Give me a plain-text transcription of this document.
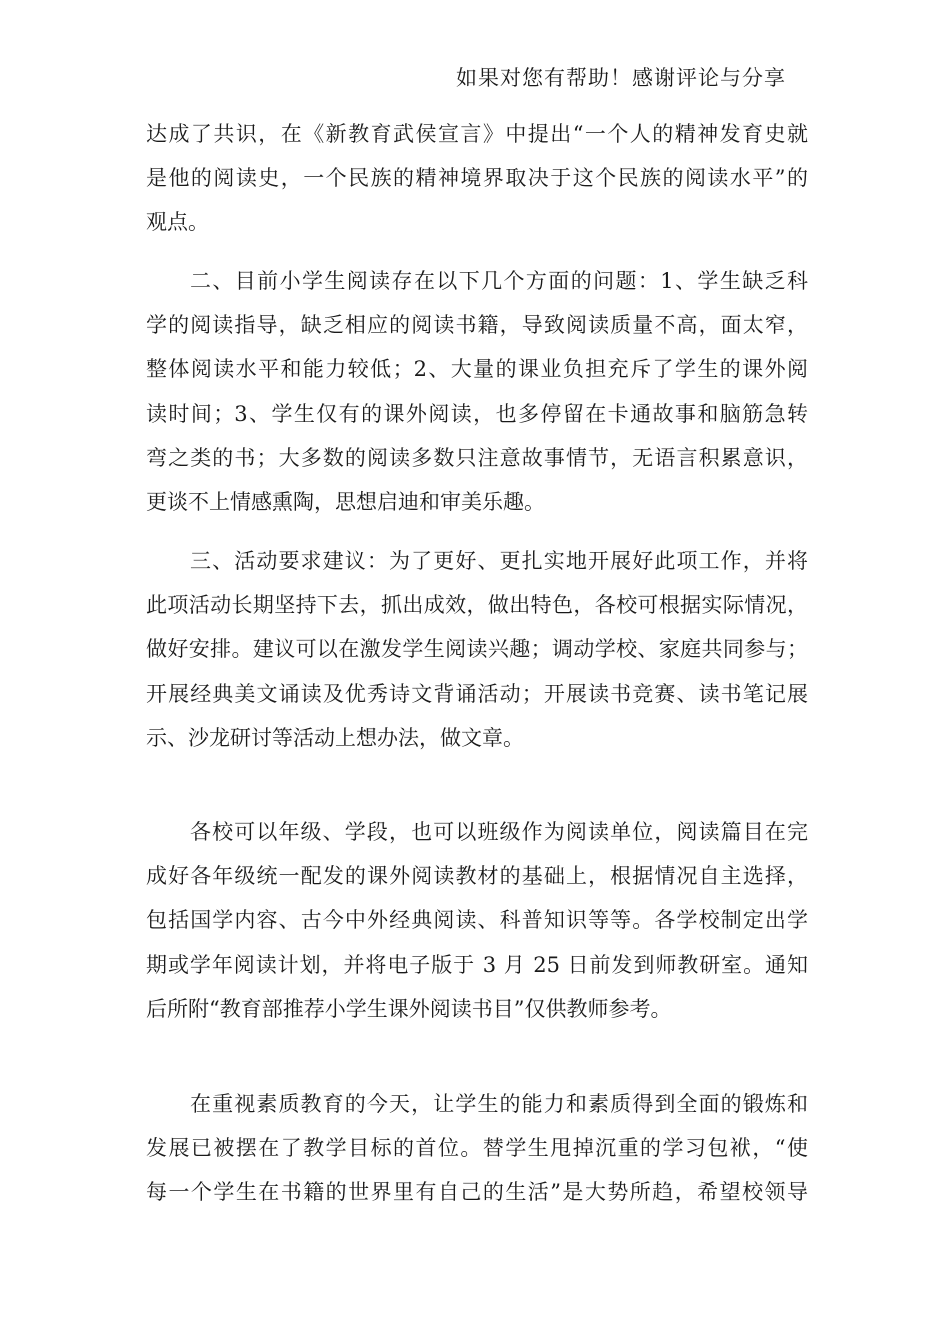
如果对您有帮助！感谢评论与分享
达成了共识，在《新教育武侯宣言》中提出“一个人的精神发育史就
是他的阅读史，一个民族的精神境界取决于这个民族的阅读水平”的
观点。
二、目前小学生阅读存在以下几个方面的问题：1、学生缺乏科
学的阅读指导，缺乏相应的阅读书籍，导致阅读质量不高，面太窄，
整体阅读水平和能力较低；2、大量的课业负担充斥了学生的课外阅
读时间；3、学生仅有的课外阅读，也多停留在卡通故事和脑筋急转
弯之类的书；大多数的阅读多数只注意故事情节，无语言积累意识，
更谈不上情感熏陶，思想启迪和审美乐趣。
三、活动要求建议：为了更好、更扎实地开展好此项工作，并将
此项活动长期坚持下去，抓出成效，做出特色，各校可根据实际情况，
做好安排。建议可以在激发学生阅读兴趣；调动学校、家庭共同参与；
开展经典美文诵读及优秀诗文背诵活动；开展读书竞赛、读书笔记展
示、沙龙研讨等活动上想办法，做文章。
各校可以年级、学段，也可以班级作为阅读单位，阅读篇目在完
成好各年级统一配发的课外阅读教材的基础上，根据情况自主选择，
包括国学内容、古今中外经典阅读、科普知识等等。各学校制定出学
期或学年阅读计划，并将电子版于 3 月 25 日前发到师教研室。通知
后所附“教育部推荐小学生课外阅读书目”仅供教师参考。
在重视素质教育的今天，让学生的能力和素质得到全面的锻炼和
发展已被摆在了教学目标的首位。替学生甩掉沉重的学习包袱，“使
每一个学生在书籍的世界里有自己的生活”是大势所趋，希望校领导
